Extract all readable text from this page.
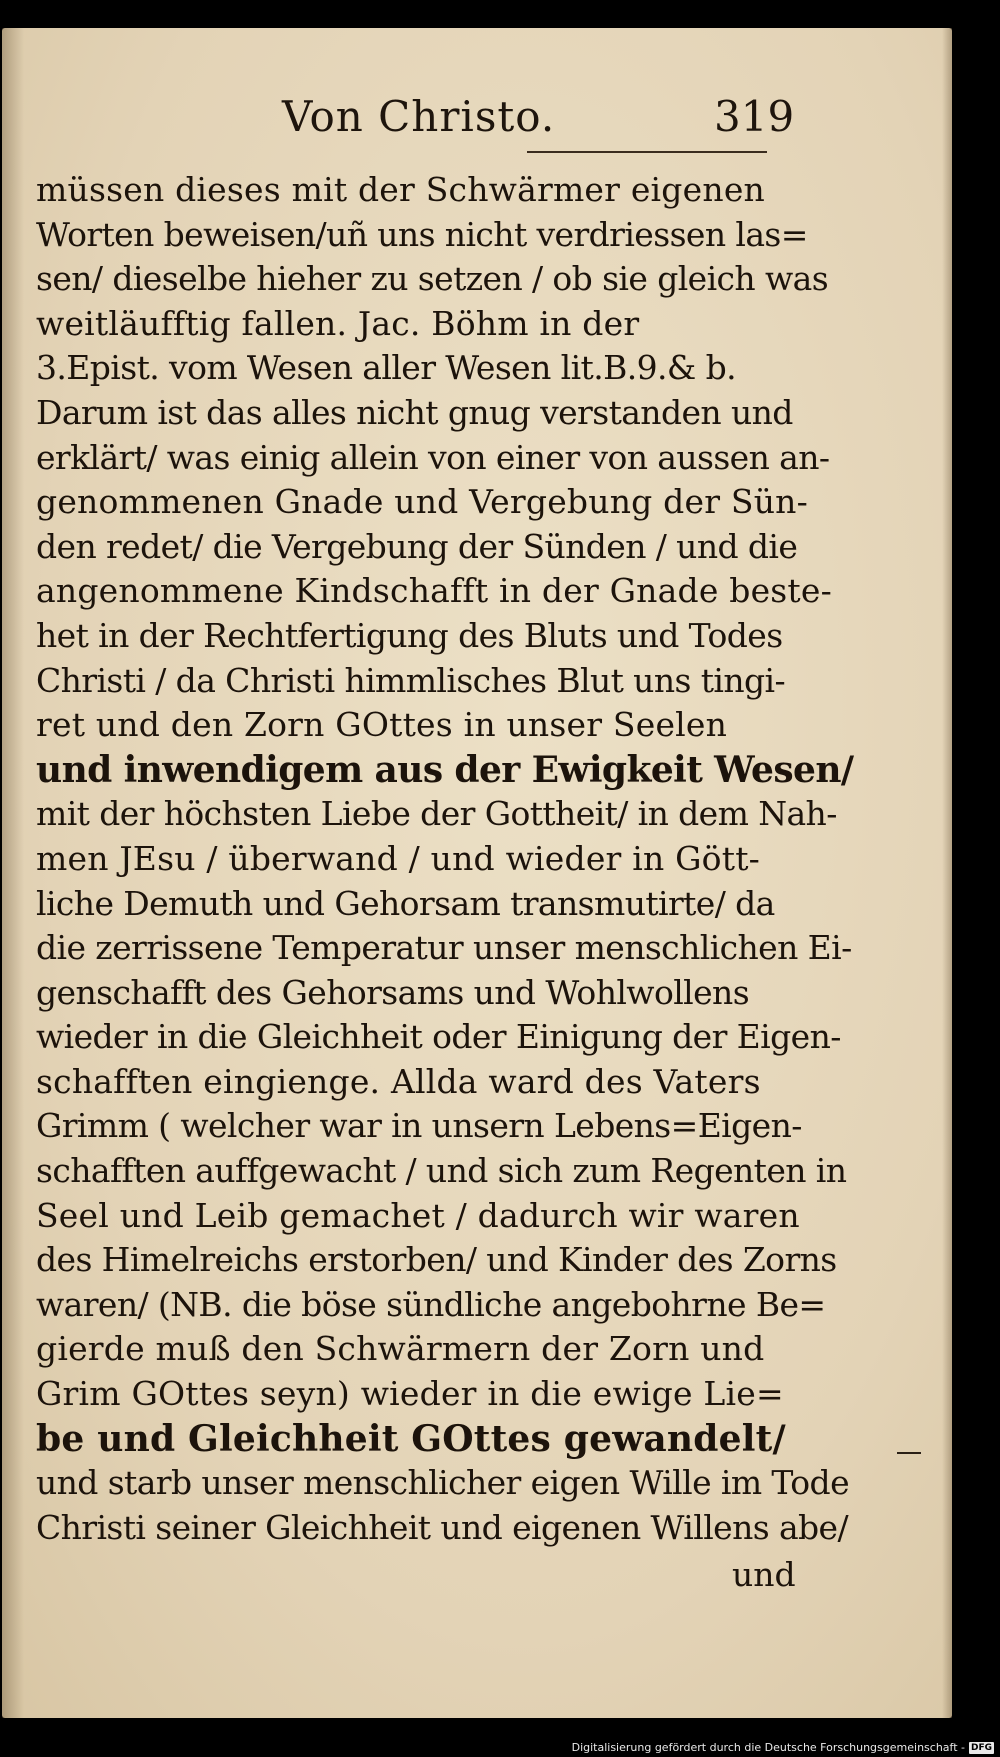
Von Christo.	319
müssen dieses mit der Schwärmer eigenen
Worten beweisen/uñ uns nicht verdriessen las=
sen/ dieselbe hieher zu setzen / ob sie gleich was
weitläufftig fallen. Jac. Böhm in der
3.Epist. vom Wesen aller Wesen lit.B.9.& b.
Darum ist das alles nicht gnug verstanden und
erklärt/ was einig allein von einer von aussen an-
genommenen Gnade und Vergebung der Sün-
den redet/ die Vergebung der Sünden / und die
angenommene Kindschafft in der Gnade beste-
het in der Rechtfertigung des Bluts und Todes
Christi / da Christi himmlisches Blut uns tingi-
ret und den Zorn GOttes in unser Seelen
und inwendigem aus der Ewigkeit Wesen/
mit der höchsten Liebe der Gottheit/ in dem Nah-
men JEsu / überwand / und wieder in Gött-
liche Demuth und Gehorsam transmutirte/ da
die zerrissene Temperatur unser menschlichen Ei-
genschafft des Gehorsams und Wohlwollens
wieder in die Gleichheit oder Einigung der Eigen-
schafften eingienge. Allda ward des Vaters
Grimm ( welcher war in unsern Lebens=Eigen-
schafften auffgewacht / und sich zum Regenten in
Seel und Leib gemachet / dadurch wir waren
des Himelreichs erstorben/ und Kinder des Zorns
waren/ (NB. die böse sündliche angebohrne Be=
gierde muß den Schwärmern der Zorn und
Grim GOttes seyn) wieder in die ewige Lie=
be und Gleichheit GOttes gewandelt/
und starb unser menschlicher eigen Wille im Tode
Christi seiner Gleichheit und eigenen Willens abe/
und
Digitalisierung gefördert durch die Deutsche Forschungsgemeinschaft - DFG
